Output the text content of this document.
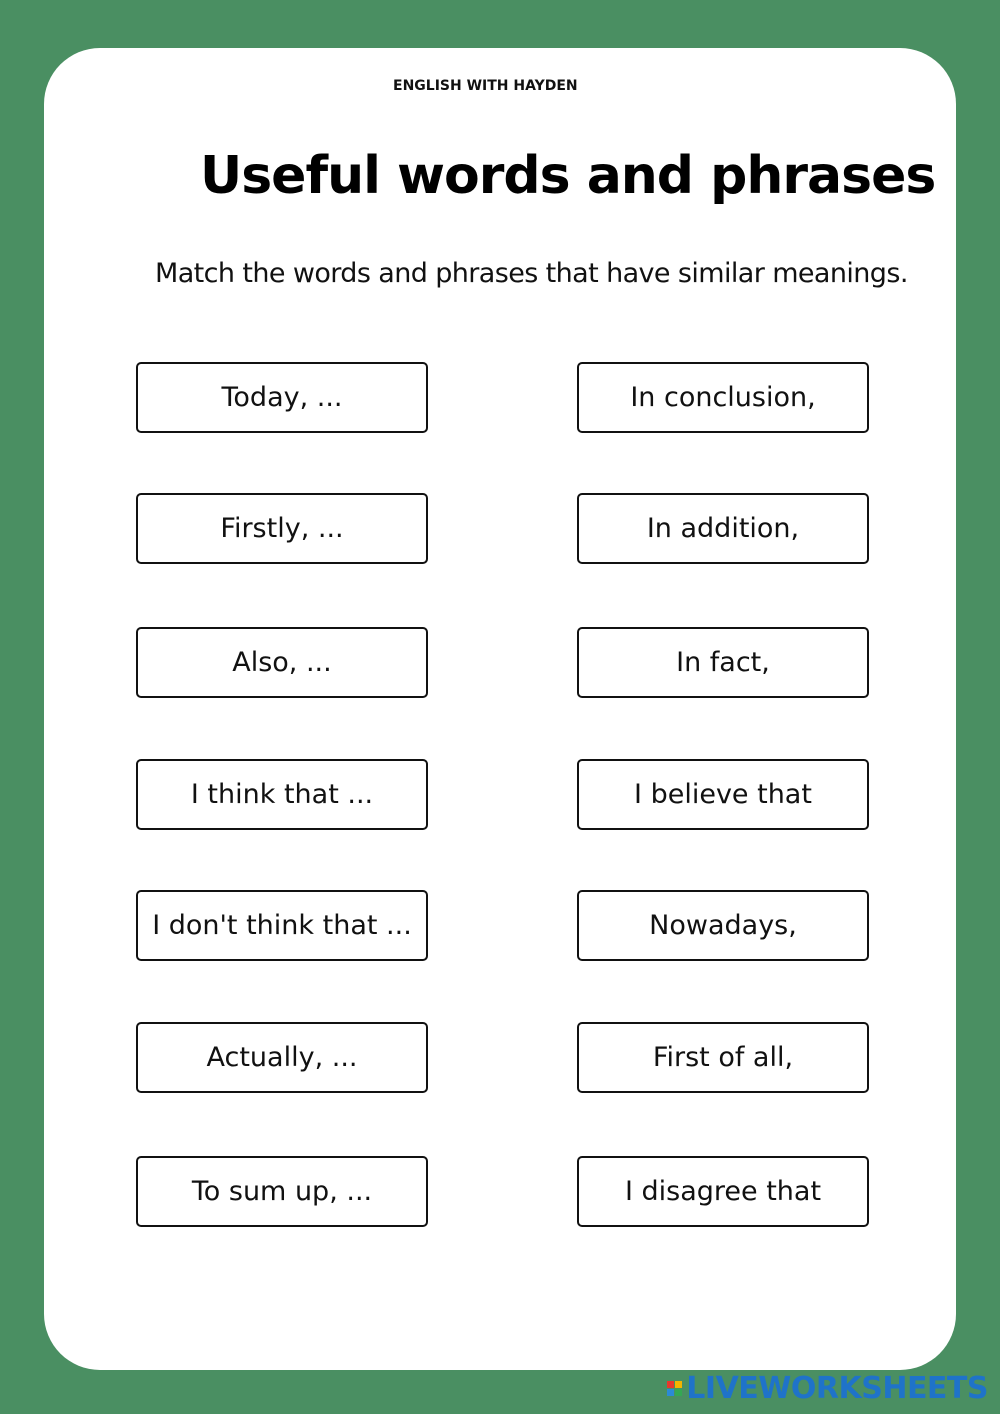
ENGLISH WITH HAYDEN
Useful words and phrases
Match the words and phrases that have similar meanings.
Today, ...
Firstly, ...
Also, ...
I think that ...
I don't think that ...
Actually, ...
To sum up, ...
In conclusion,
In addition,
In fact,
I believe that
Nowadays,
First of all,
I disagree that
LIVEWORKSHEETS
